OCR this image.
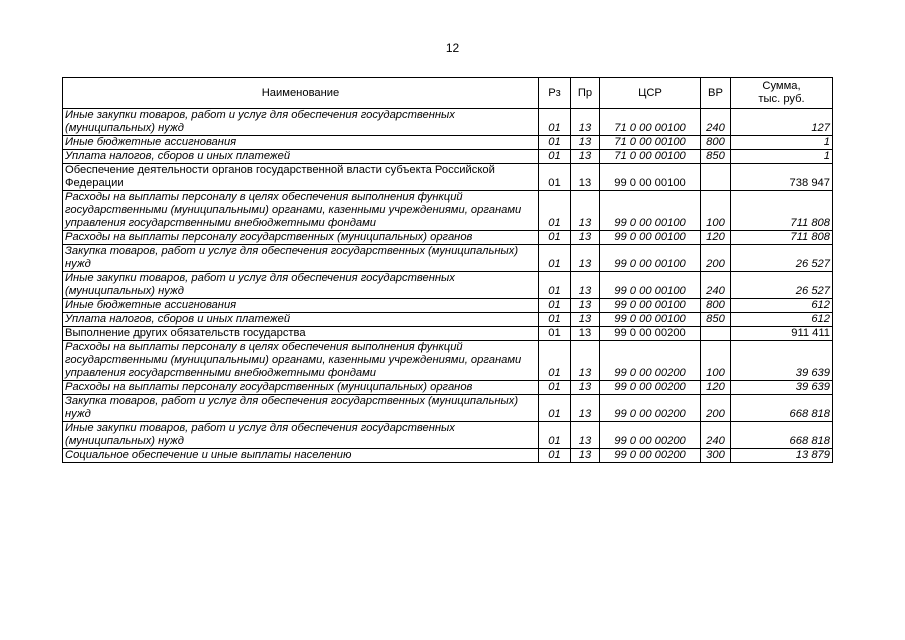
12
Наименование	Рз	Пр	ЦСР	ВР	Сумма,
тыс. руб.

Иные закупки товаров, работ и услуг для обеспечения государственных (муниципальных) нужд	01	13	71 0 00 00100	240	127
Иные бюджетные ассигнования	01	13	71 0 00 00100	800	1
Уплата налогов, сборов и иных платежей	01	13	71 0 00 00100	850	1
Обеспечение деятельности органов государственной власти субъекта Российской Федерации	01	13	99 0 00 00100		738 947
Расходы на выплаты персоналу в целях обеспечения выполнения функций государственными (муниципальными) органами, казенными учреждениями, органами управления государственными внебюджетными фондами	01	13	99 0 00 00100	100	711 808
Расходы на выплаты персоналу государственных (муниципальных) органов	01	13	99 0 00 00100	120	711 808
Закупка товаров, работ и услуг для обеспечения государственных (муниципальных) нужд	01	13	99 0 00 00100	200	26 527
Иные закупки товаров, работ и услуг для обеспечения государственных (муниципальных) нужд	01	13	99 0 00 00100	240	26 527
Иные бюджетные ассигнования	01	13	99 0 00 00100	800	612
Уплата налогов, сборов и иных платежей	01	13	99 0 00 00100	850	612
Выполнение других обязательств государства	01	13	99 0 00 00200		911 411
Расходы на выплаты персоналу в целях обеспечения выполнения функций государственными (муниципальными) органами, казенными учреждениями, органами управления государственными внебюджетными фондами	01	13	99 0 00 00200	100	39 639
Расходы на выплаты персоналу государственных (муниципальных) органов	01	13	99 0 00 00200	120	39 639
Закупка товаров, работ и услуг для обеспечения государственных (муниципальных) нужд	01	13	99 0 00 00200	200	668 818
Иные закупки товаров, работ и услуг для обеспечения государственных (муниципальных) нужд	01	13	99 0 00 00200	240	668 818
Социальное обеспечение и иные выплаты населению	01	13	99 0 00 00200	300	13 879
